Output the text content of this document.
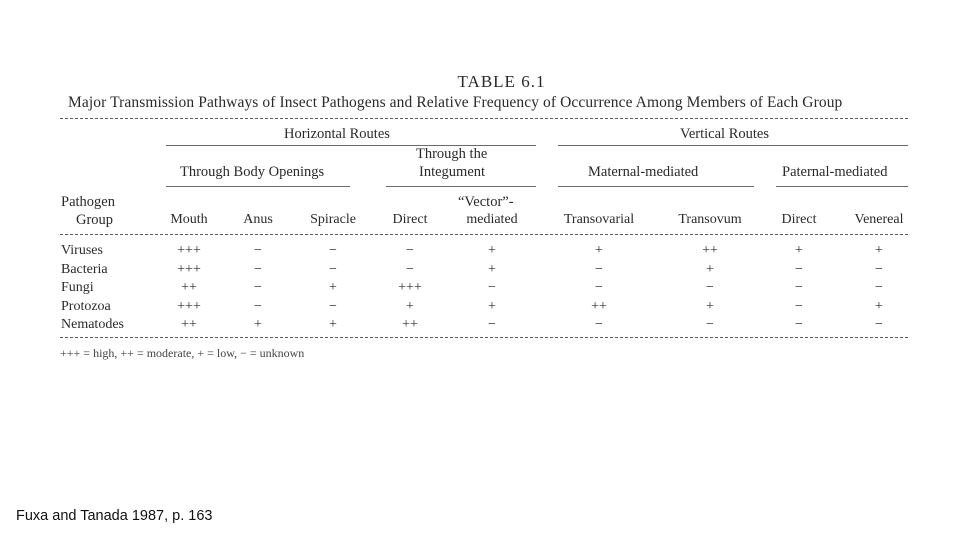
TABLE 6.1
Major Transmission Pathways of Insect Pathogens and Relative Frequency of Occurrence Among Members of Each Group
Horizontal Routes	Vertical Routes
Through Body Openings
Through the
Integument	Maternal-mediated	Paternal-mediated
Pathogen
Group	Mouth	Anus	Spiracle	Direct
“Vector”-
mediated	Transovarial	Transovum	Direct	Venereal
Viruses	+++	−	−	−	+	+	++	+	+
Bacteria	+++	−	−	−	+	−	+	−	−
Fungi	++	−	+	+++	−	−	−	−	−
Protozoa	+++	−	−	+	+	++	+	−	+
Nematodes	++	+	+	++	−	−	−	−	−
+++ = high, ++ = moderate, + = low, − = unknown
Fuxa and Tanada 1987, p. 163
